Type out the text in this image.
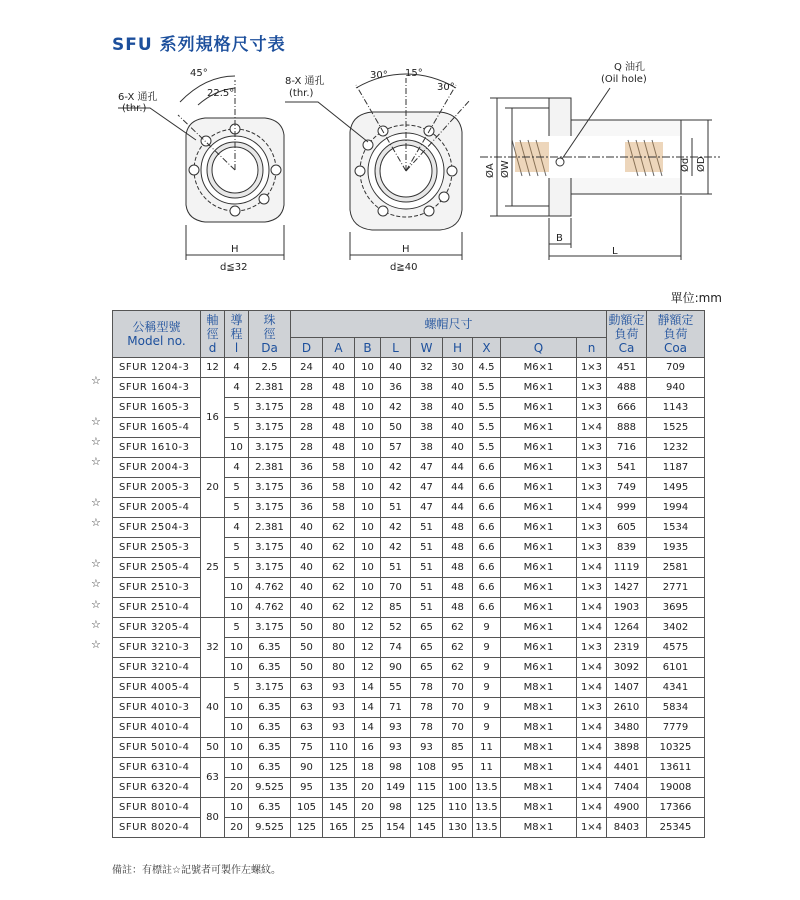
SFU 系列規格尺寸表
6-X 通孔
(thr.)
45°
22.5°
H
d≦32
8-X 通孔
(thr.)
30° 15°
30°
H
d≧40
Q 油孔
(Oil hole)
ØA ØW	Ød ØD
B
L
單位:mm
公稱型號
Model no.	軸
徑
d	導
程
l	珠
徑
Da	螺帽尺寸									動額定
負荷
Ca	靜額定
負荷
Coa

				D	A	B	L	W	H	X	Q	n		
SFUR 1204-3	12	4	2.5	24	40	10	40	32	30	4.5	M6×1	1×3	451	709
SFUR 1604-3	16	4	2.381	28	48	10	36	38	40	5.5	M6×1	1×3	488	940
SFUR 1605-3		5	3.175	28	48	10	42	38	40	5.5	M6×1	1×3	666	1143
SFUR 1605-4		5	3.175	28	48	10	50	38	40	5.5	M6×1	1×4	888	1525
SFUR 1610-3		10	3.175	28	48	10	57	38	40	5.5	M6×1	1×3	716	1232
SFUR 2004-3	20	4	2.381	36	58	10	42	47	44	6.6	M6×1	1×3	541	1187
SFUR 2005-3		5	3.175	36	58	10	42	47	44	6.6	M6×1	1×3	749	1495
SFUR 2005-4		5	3.175	36	58	10	51	47	44	6.6	M6×1	1×4	999	1994
SFUR 2504-3	25	4	2.381	40	62	10	42	51	48	6.6	M6×1	1×3	605	1534
SFUR 2505-3		5	3.175	40	62	10	42	51	48	6.6	M6×1	1×3	839	1935
SFUR 2505-4		5	3.175	40	62	10	51	51	48	6.6	M6×1	1×4	1119	2581
SFUR 2510-3		10	4.762	40	62	10	70	51	48	6.6	M6×1	1×3	1427	2771
SFUR 2510-4		10	4.762	40	62	12	85	51	48	6.6	M6×1	1×4	1903	3695
SFUR 3205-4	32	5	3.175	50	80	12	52	65	62	9	M6×1	1×4	1264	3402
SFUR 3210-3		10	6.35	50	80	12	74	65	62	9	M6×1	1×3	2319	4575
SFUR 3210-4		10	6.35	50	80	12	90	65	62	9	M6×1	1×4	3092	6101
SFUR 4005-4	40	5	3.175	63	93	14	55	78	70	9	M8×1	1×4	1407	4341
SFUR 4010-3		10	6.35	63	93	14	71	78	70	9	M8×1	1×3	2610	5834
SFUR 4010-4		10	6.35	63	93	14	93	78	70	9	M8×1	1×4	3480	7779
SFUR 5010-4	50	10	6.35	75	110	16	93	93	85	11	M8×1	1×4	3898	10325
SFUR 6310-4	63	10	6.35	90	125	18	98	108	95	11	M8×1	1×4	4401	13611
SFUR 6320-4		20	9.525	95	135	20	149	115	100	13.5	M8×1	1×4	7404	19008
SFUR 8010-4	80	10	6.35	105	145	20	98	125	110	13.5	M8×1	1×4	4900	17366
SFUR 8020-4		20	9.525	125	165	25	154	145	130	13.5	M8×1	1×4	8403	25345
☆
☆
☆
☆
☆
☆
☆
☆
☆
☆
☆
備註：有標註☆記號者可製作左螺紋。
